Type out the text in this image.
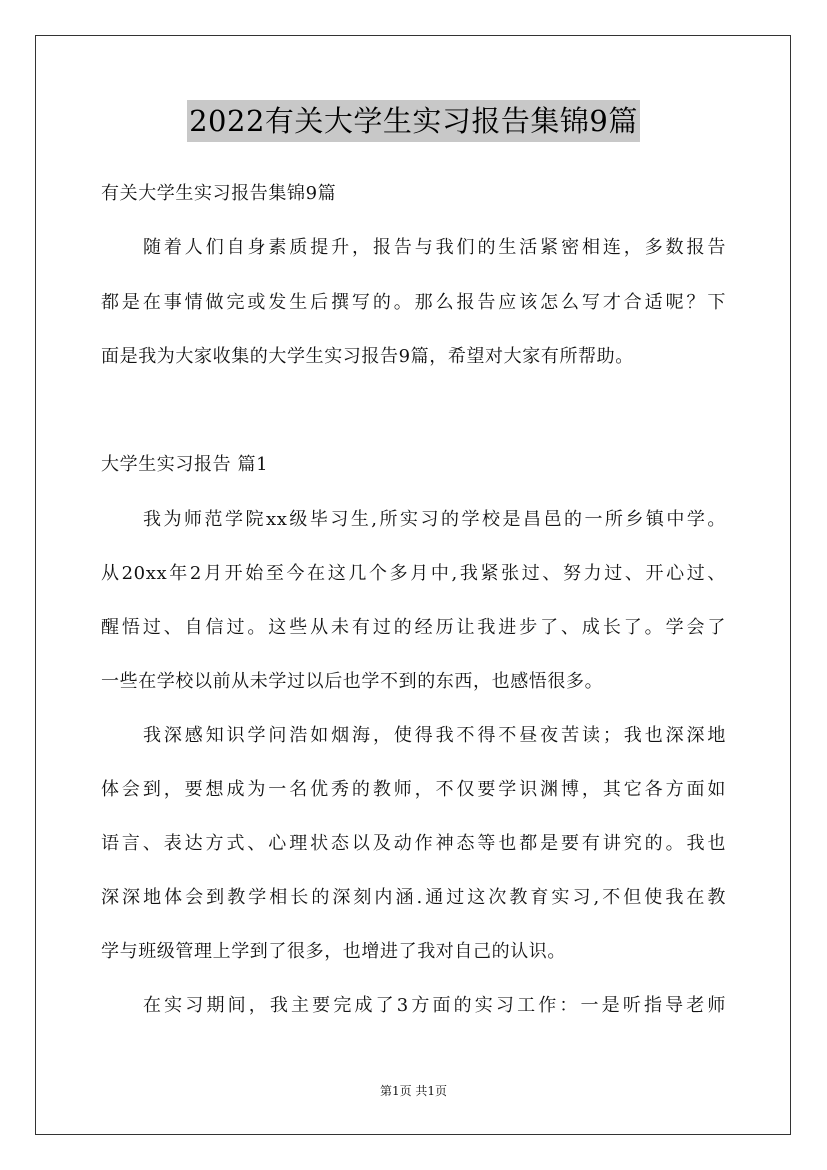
2022有关大学生实习报告集锦9篇
有关大学生实习报告集锦9篇
随着人们自身素质提升，报告与我们的生活紧密相连，多数报告
都是在事情做完或发生后撰写的。那么报告应该怎么写才合适呢？下
面是我为大家收集的大学生实习报告9篇，希望对大家有所帮助。
大学生实习报告 篇1
我为师范学院xx级毕习生,所实习的学校是昌邑的一所乡镇中学。
从20xx年2月开始至今在这几个多月中,我紧张过、努力过、开心过、
醒悟过、自信过。这些从未有过的经历让我进步了、成长了。学会了
一些在学校以前从未学过以后也学不到的东西，也感悟很多。
我深感知识学问浩如烟海，使得我不得不昼夜苦读；我也深深地
体会到，要想成为一名优秀的教师，不仅要学识渊博，其它各方面如
语言、表达方式、心理状态以及动作神态等也都是要有讲究的。我也
深深地体会到教学相长的深刻内涵.通过这次教育实习,不但使我在教
学与班级管理上学到了很多，也增进了我对自己的认识。
在实习期间，我主要完成了3方面的实习工作：一是听指导老师
第1页 共1页
